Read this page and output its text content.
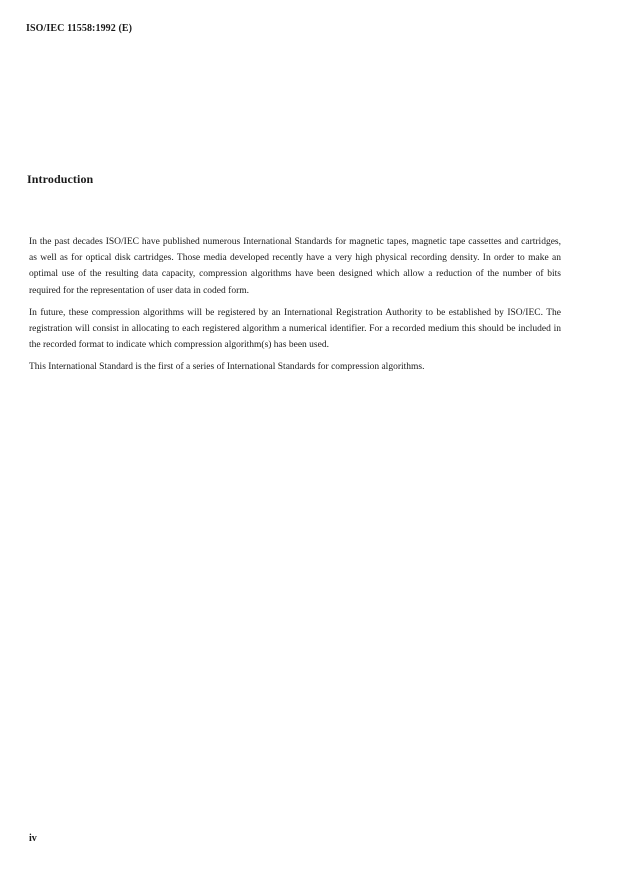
ISO/IEC 11558:1992 (E)
Introduction

In the past decades ISO/IEC have published numerous International Standards for magnetic tapes, magnetic tape cassettes and cartridges, as well as for optical disk cartridges. Those media developed recently have a very high physical recording density. In order to make an optimal use of the resulting data capacity, compression algorithms have been designed which allow a reduction of the number of bits required for the representation of user data in coded form.

In future, these compression algorithms will be registered by an International Registration Authority to be established by ISO/IEC. The registration will consist in allocating to each registered algorithm a numerical identifier. For a recorded medium this should be included in the recorded format to indicate which compression algorithm(s) has been used.

This International Standard is the first of a series of International Standards for compression algorithms.

iv
